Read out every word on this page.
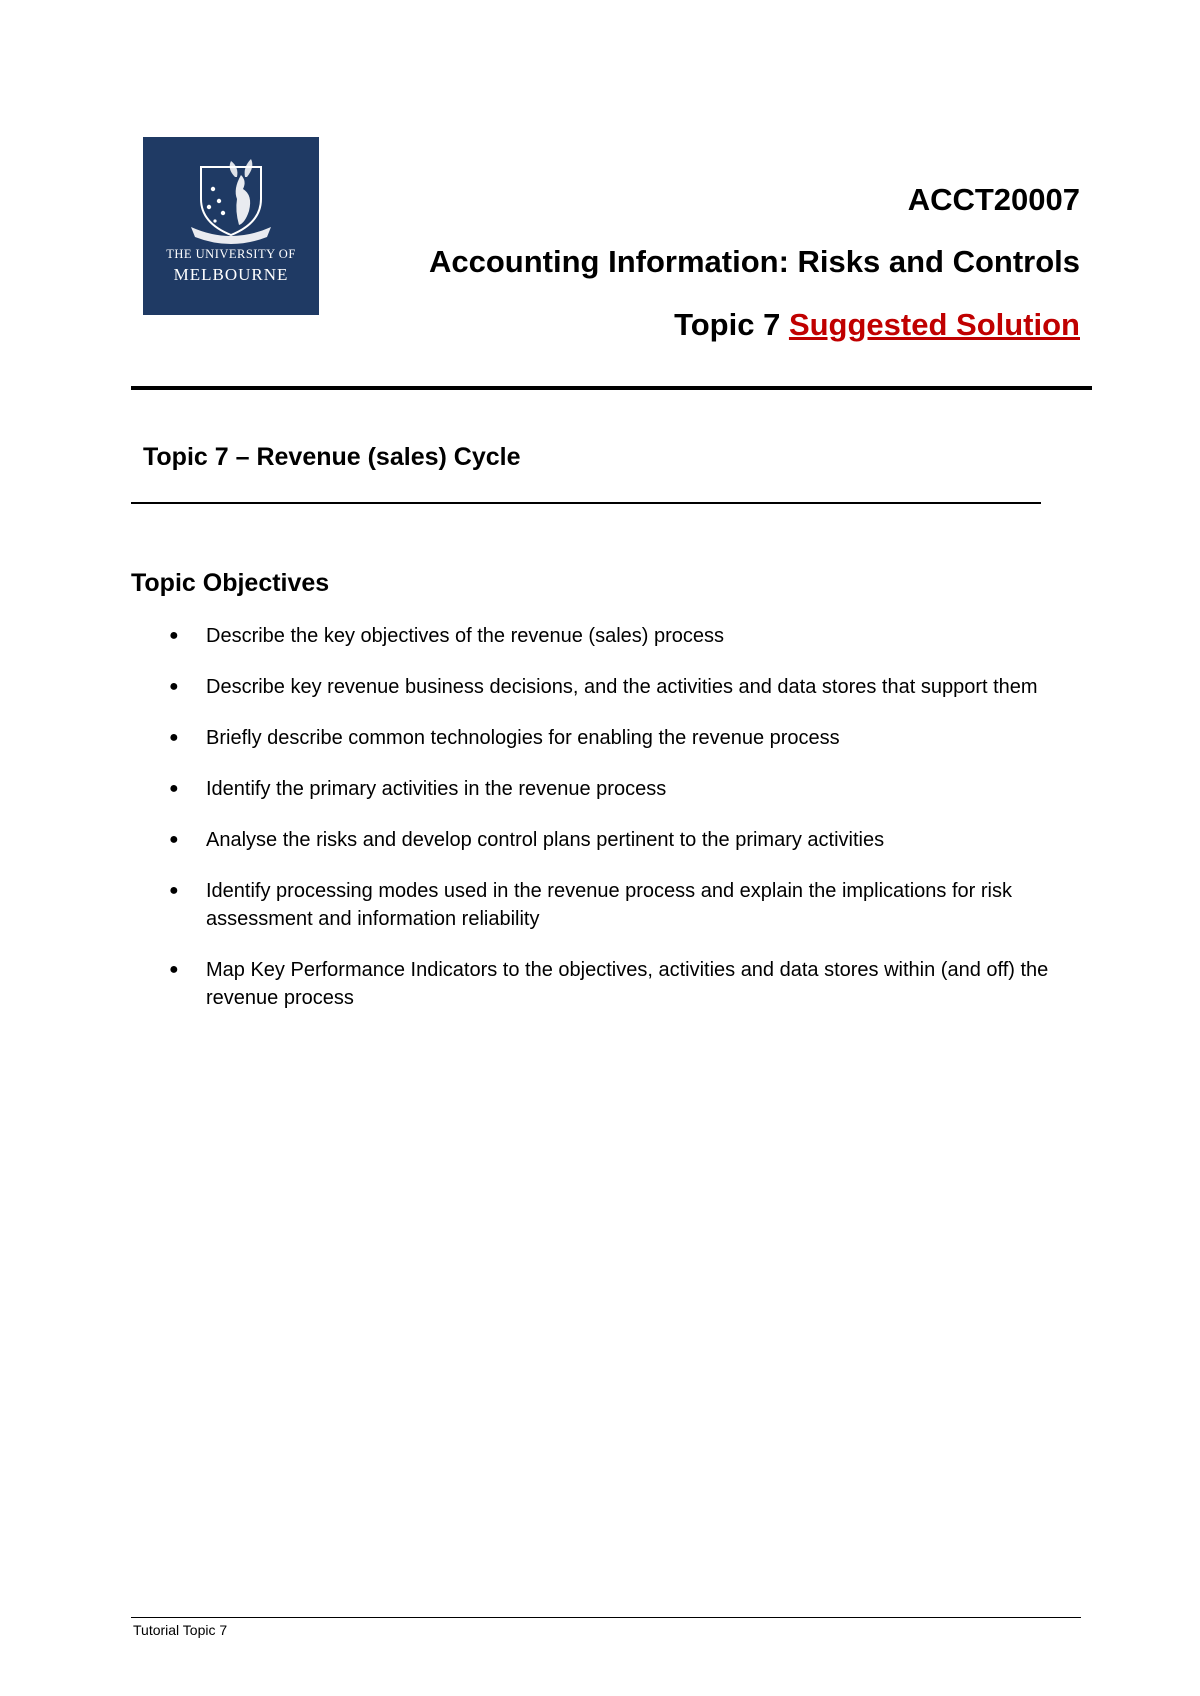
THE UNIVERSITY OF
MELBOURNE
ACCT20007
Accounting Information: Risks and Controls
Topic 7 Suggested Solution
Topic 7 – Revenue (sales) Cycle
Topic Objectives
● Describe the key objectives of the revenue (sales) process
● Describe key revenue business decisions, and the activities and data stores that support them
● Briefly describe common technologies for enabling the revenue process
● Identify the primary activities in the revenue process
● Analyse the risks and develop control plans pertinent to the primary activities
● Identify processing modes used in the revenue process and explain the implications for risk assessment and information reliability
● Map Key Performance Indicators to the objectives, activities and data stores within (and off) the revenue process
Tutorial Topic 7
